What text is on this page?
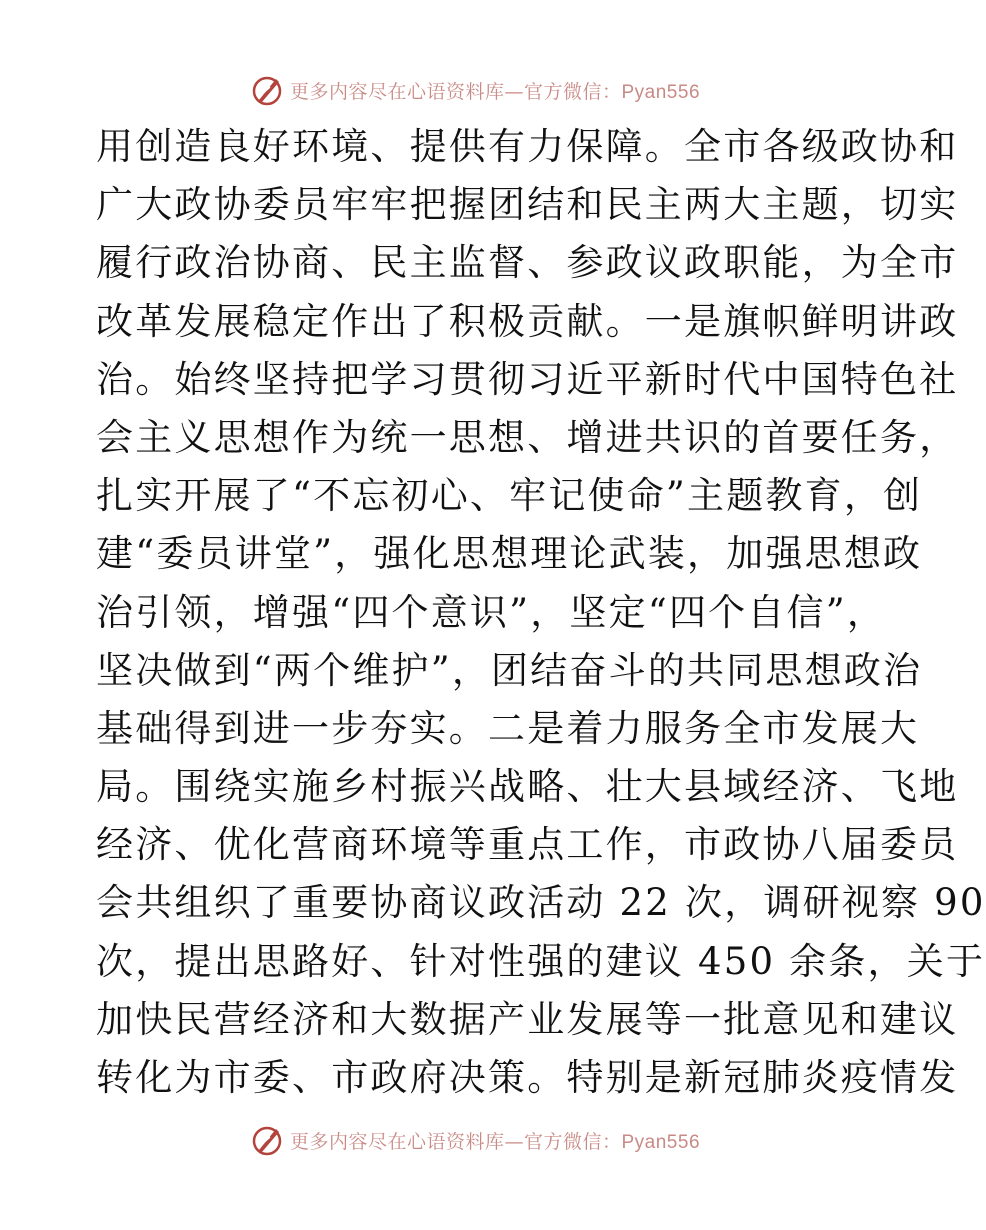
更多内容尽在心语资料库—官方微信：Pyan556
用创造良好环境、提供有力保障。全市各级政协和
广大政协委员牢牢把握团结和民主两大主题，切实
履行政治协商、民主监督、参政议政职能，为全市
改革发展稳定作出了积极贡献。一是旗帜鲜明讲政
治。始终坚持把学习贯彻习近平新时代中国特色社
会主义思想作为统一思想、增进共识的首要任务，
扎实开展了“不忘初心、牢记使命”主题教育，创
建“委员讲堂”，强化思想理论武装，加强思想政
治引领，增强“四个意识”，坚定“四个自信”，
坚决做到“两个维护”，团结奋斗的共同思想政治
基础得到进一步夯实。二是着力服务全市发展大
局。围绕实施乡村振兴战略、壮大县域经济、飞地
经济、优化营商环境等重点工作，市政协八届委员
会共组织了重要协商议政活动 22 次，调研视察 90
次，提出思路好、针对性强的建议 450 余条，关于
加快民营经济和大数据产业发展等一批意见和建议
转化为市委、市政府决策。特别是新冠肺炎疫情发
更多内容尽在心语资料库—官方微信：Pyan556
